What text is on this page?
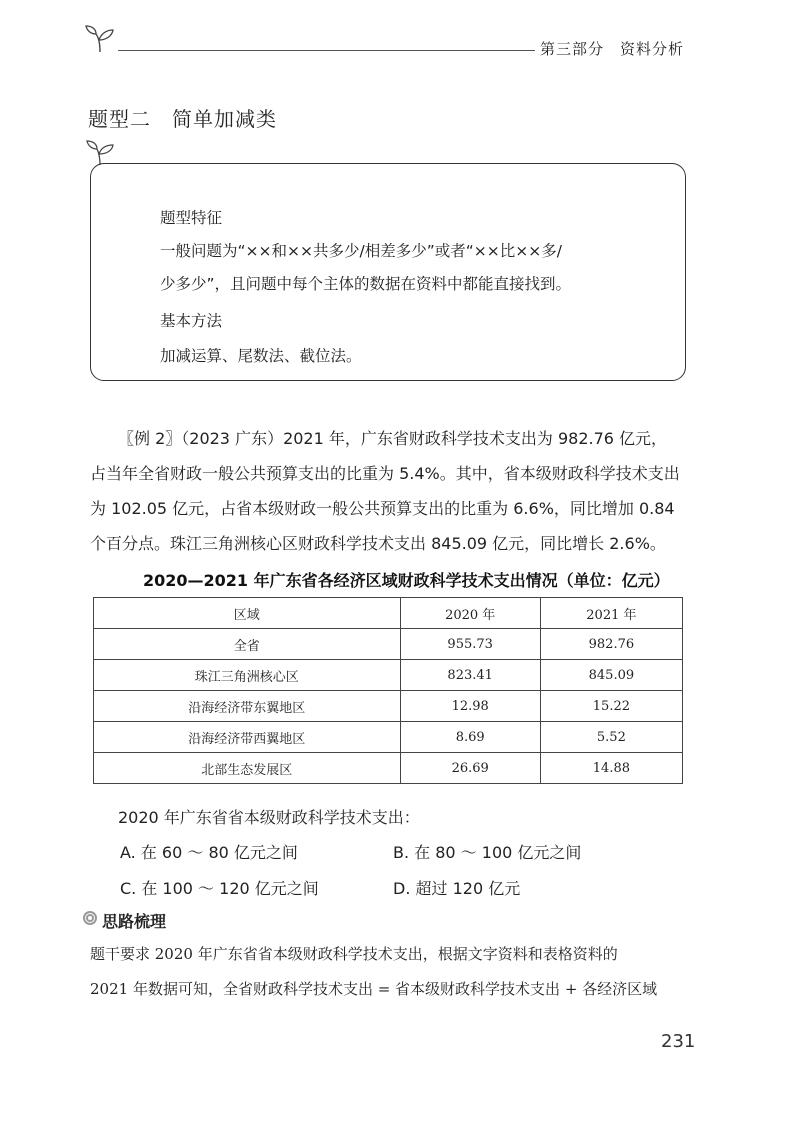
第三部分　资料分析
题型二　简单加减类
题型特征
一般问题为“××和××共多少/相差多少”或者“××比××多/
少多少”，且问题中每个主体的数据在资料中都能直接找到。
基本方法
加减运算、尾数法、截位法。
〖例 2〗（2023 广东）2021 年，广东省财政科学技术支出为 982.76 亿元，
占当年全省财政一般公共预算支出的比重为 5.4%。其中，省本级财政科学技术支出
为 102.05 亿元，占省本级财政一般公共预算支出的比重为 6.6%，同比增加 0.84
个百分点。珠江三角洲核心区财政科学技术支出 845.09 亿元，同比增长 2.6%。
2020—2021 年广东省各经济区域财政科学技术支出情况（单位：亿元）
区域	2020 年	2021 年
全省	955.73	982.76
珠江三角洲核心区	823.41	845.09
沿海经济带东翼地区	12.98	15.22
沿海经济带西翼地区	8.69	5.52
北部生态发展区	26.69	14.88
2020 年广东省省本级财政科学技术支出：
A. 在 60 ～ 80 亿元之间	B. 在 80 ～ 100 亿元之间
C. 在 100 ～ 120 亿元之间	D. 超过 120 亿元
思路梳理
题干要求 2020 年广东省省本级财政科学技术支出，根据文字资料和表格资料的
2021 年数据可知，全省财政科学技术支出 = 省本级财政科学技术支出 + 各经济区域
231
